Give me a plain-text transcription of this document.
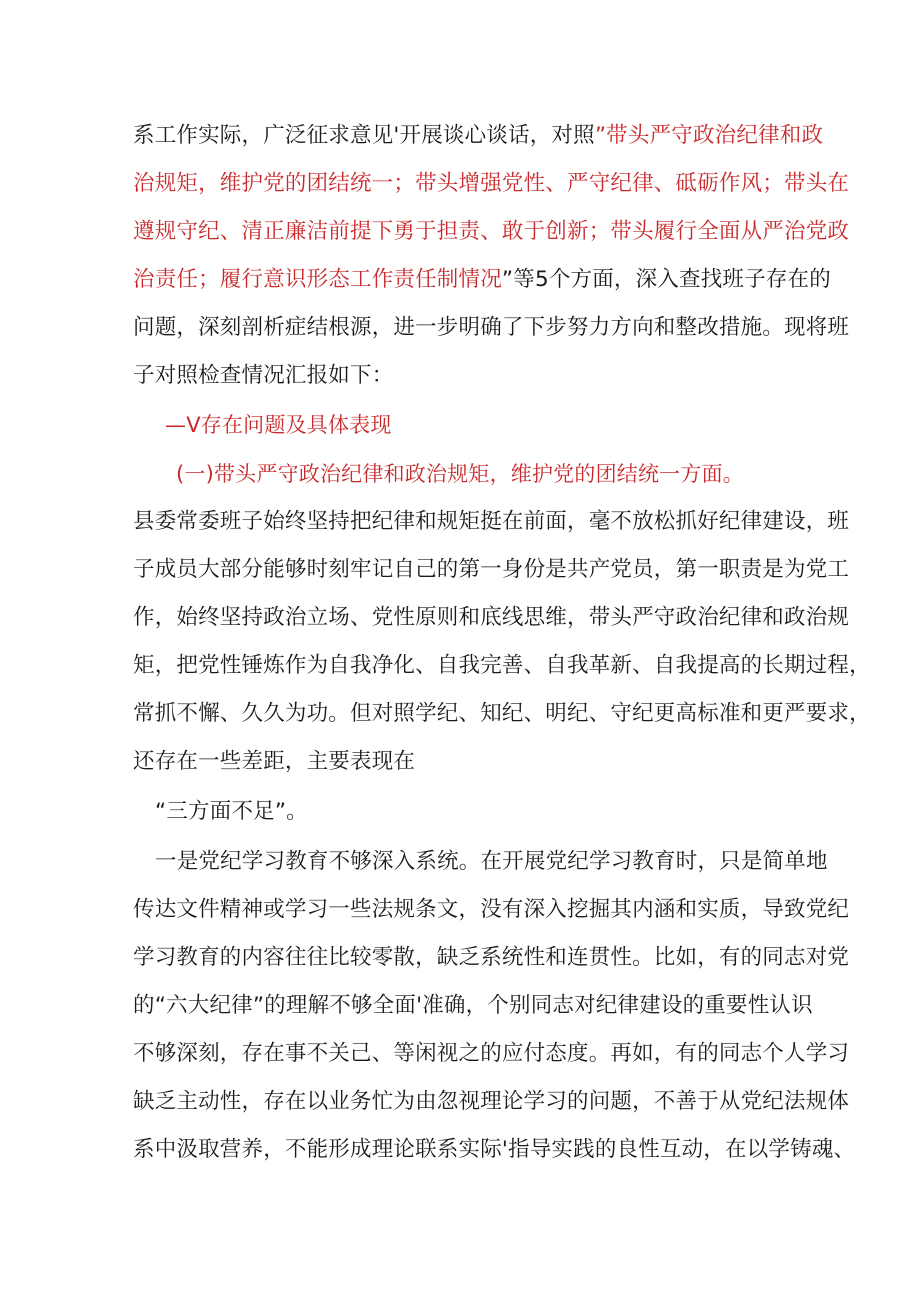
系工作实际，广泛征求意见'开展谈心谈话，对照”带头严守政治纪律和政
治规矩，维护党的团结统一；带头增强党性、严守纪律、砥砺作风；带头在
遵规守纪、清正廉洁前提下勇于担责、敢于创新；带头履行全面从严治党政
治责任；履行意识形态工作责任制情况”等5个方面，深入查找班子存在的
问题，深刻剖析症结根源，进一步明确了下步努力方向和整改措施。现将班
子对照检查情况汇报如下：
—V存在问题及具体表现
(一)带头严守政治纪律和政治规矩，维护党的团结统一方面。
县委常委班子始终坚持把纪律和规矩挺在前面，毫不放松抓好纪律建设，班
子成员大部分能够时刻牢记自己的第一身份是共产党员，第一职责是为党工
作，始终坚持政治立场、党性原则和底线思维，带头严守政治纪律和政治规
矩，把党性锤炼作为自我净化、自我完善、自我革新、自我提高的长期过程，
常抓不懈、久久为功。但对照学纪、知纪、明纪、守纪更高标准和更严要求，
还存在一些差距，主要表现在
“三方面不足”。
一是党纪学习教育不够深入系统。在开展党纪学习教育时，只是简单地
传达文件精神或学习一些法规条文，没有深入挖掘其内涵和实质，导致党纪
学习教育的内容往往比较零散，缺乏系统性和连贯性。比如，有的同志对党
的“六大纪律”的理解不够全面'准确，个别同志对纪律建设的重要性认识
不够深刻，存在事不关己、等闲视之的应付态度。再如，有的同志个人学习
缺乏主动性，存在以业务忙为由忽视理论学习的问题，不善于从党纪法规体
系中汲取营养，不能形成理论联系实际'指导实践的良性互动，在以学铸魂、
